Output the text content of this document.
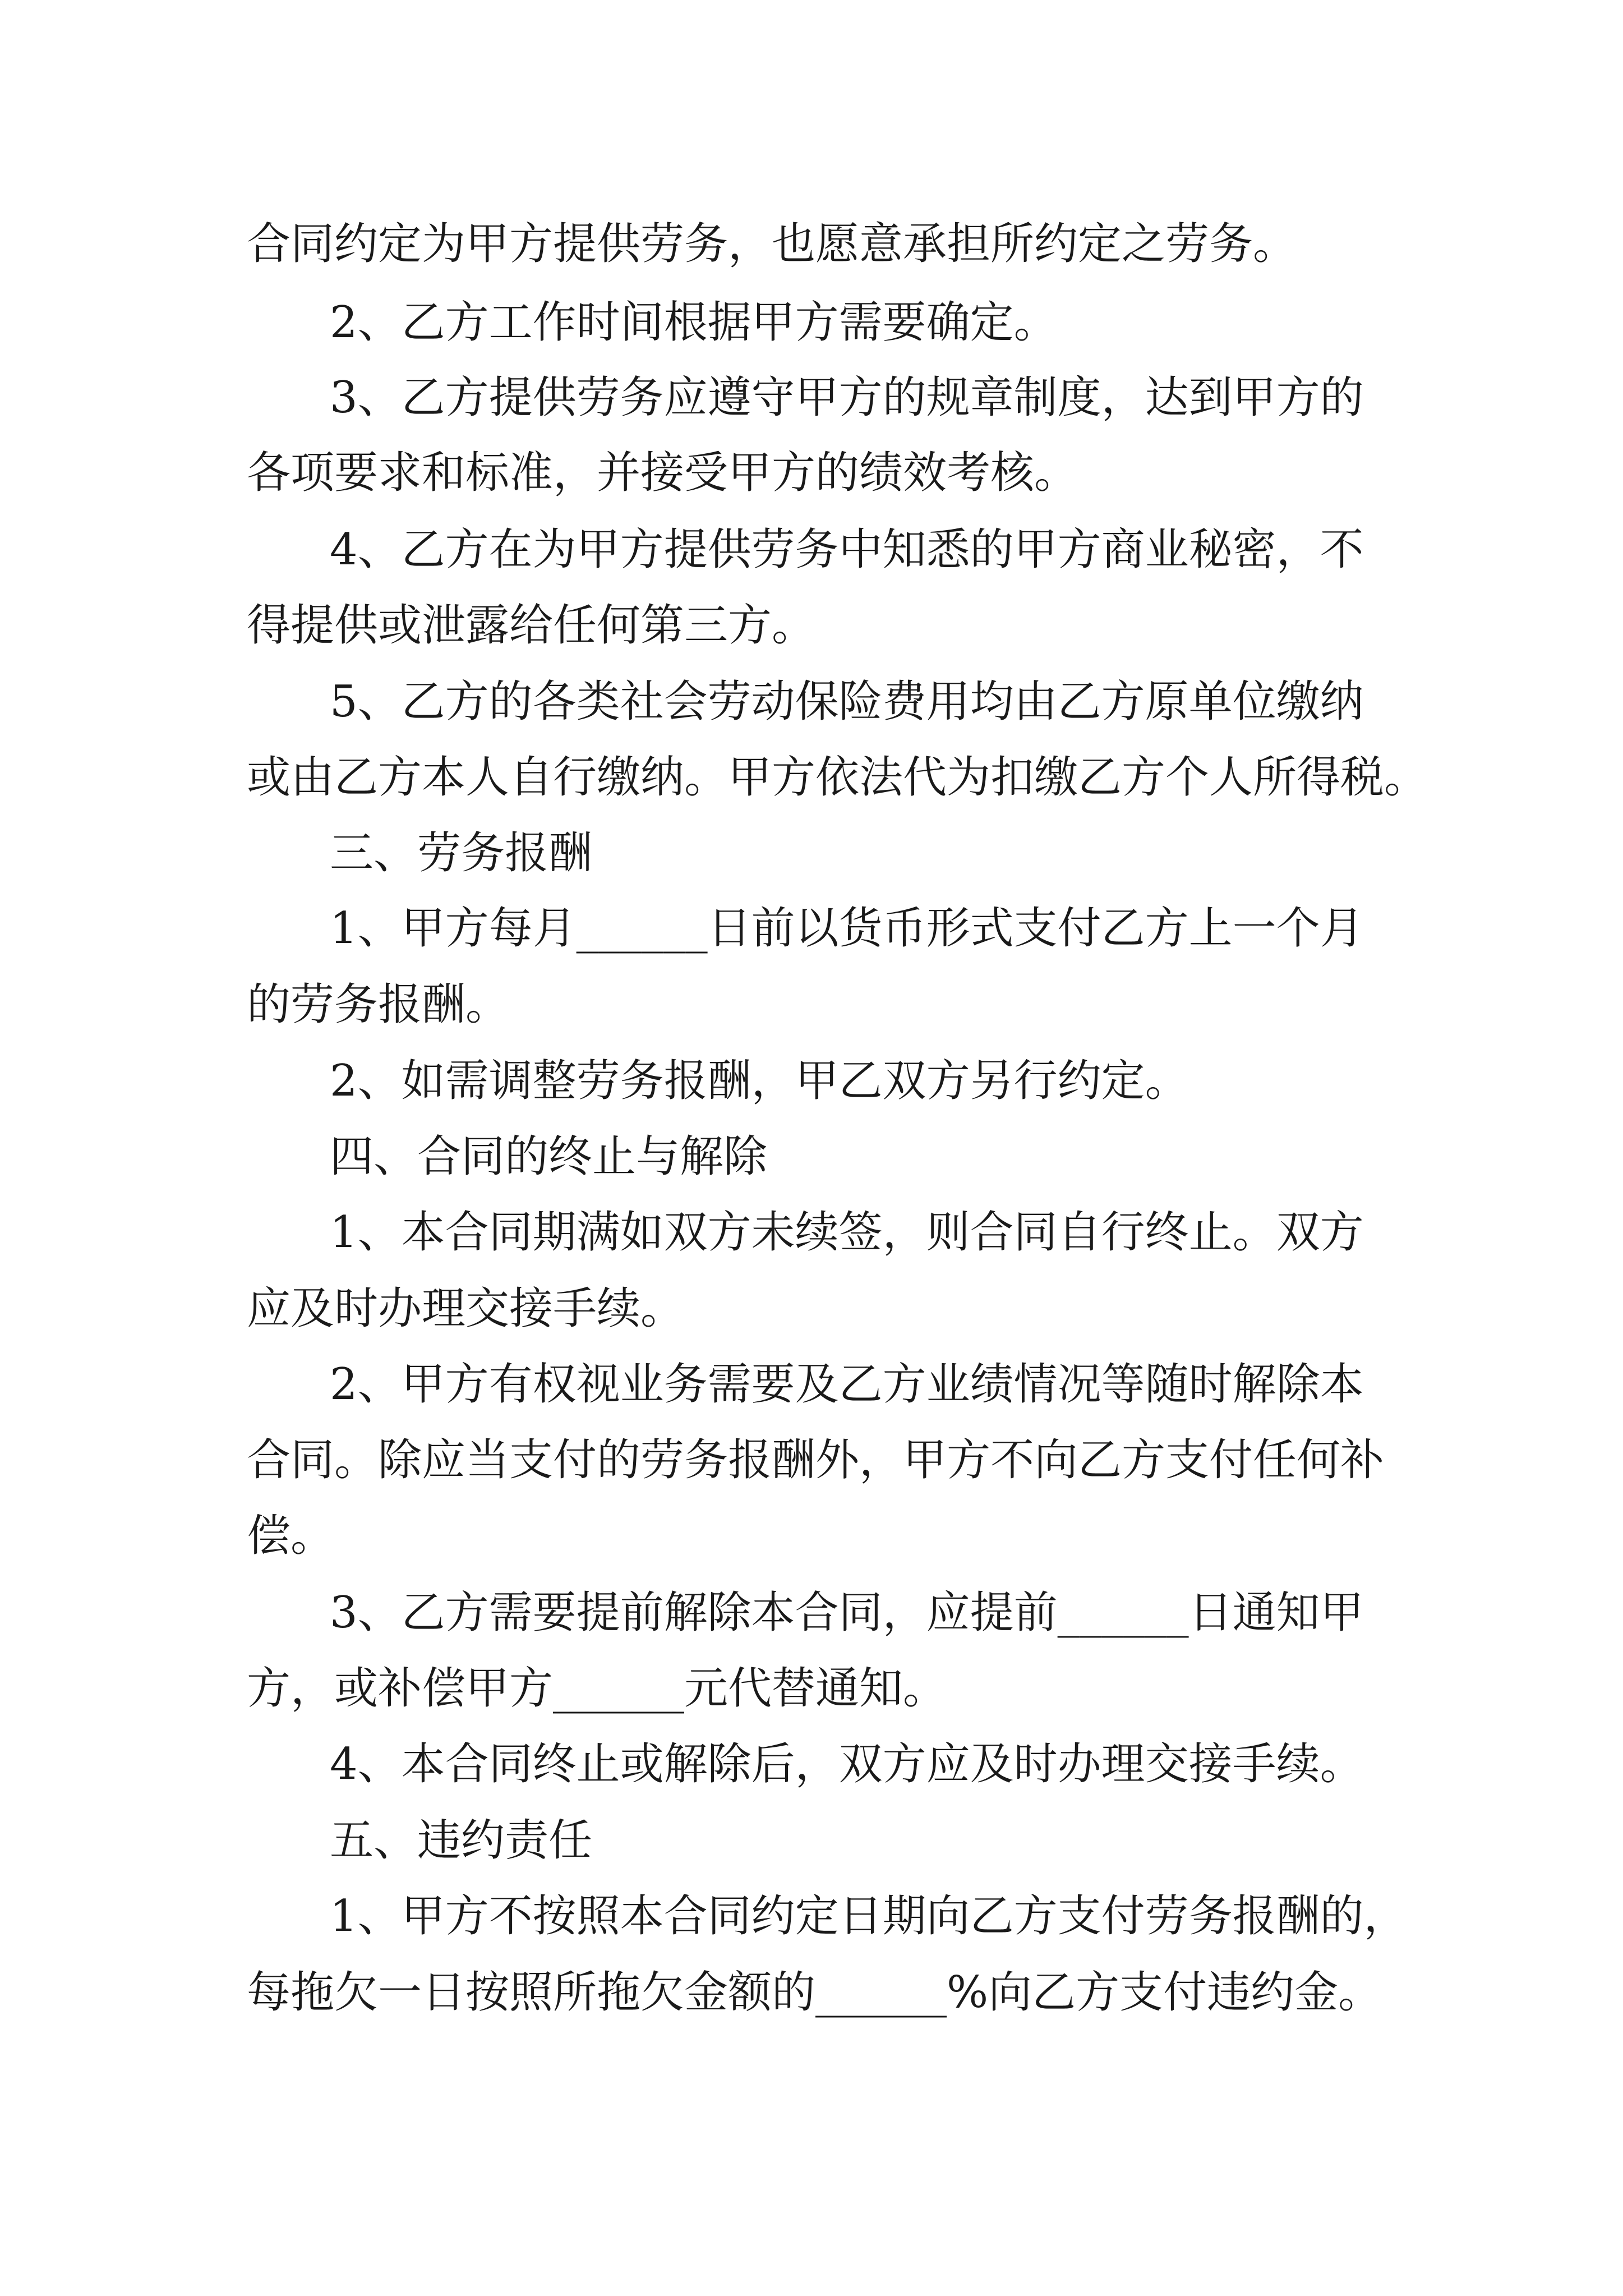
合同约定为甲方提供劳务，也愿意承担所约定之劳务。
2、乙方工作时间根据甲方需要确定。
3、乙方提供劳务应遵守甲方的规章制度，达到甲方的
各项要求和标准，并接受甲方的绩效考核。
4、乙方在为甲方提供劳务中知悉的甲方商业秘密，不
得提供或泄露给任何第三方。
5、乙方的各类社会劳动保险费用均由乙方原单位缴纳
或由乙方本人自行缴纳。甲方依法代为扣缴乙方个人所得税。
三、劳务报酬
1、甲方每月______日前以货币形式支付乙方上一个月
的劳务报酬。
2、如需调整劳务报酬，甲乙双方另行约定。
四、合同的终止与解除
1、本合同期满如双方未续签，则合同自行终止。双方
应及时办理交接手续。
2、甲方有权视业务需要及乙方业绩情况等随时解除本
合同。除应当支付的劳务报酬外，甲方不向乙方支付任何补
偿。
3、乙方需要提前解除本合同，应提前______日通知甲
方，或补偿甲方______元代替通知。
4、本合同终止或解除后，双方应及时办理交接手续。
五、违约责任
1、甲方不按照本合同约定日期向乙方支付劳务报酬的，
每拖欠一日按照所拖欠金额的______%向乙方支付违约金。
